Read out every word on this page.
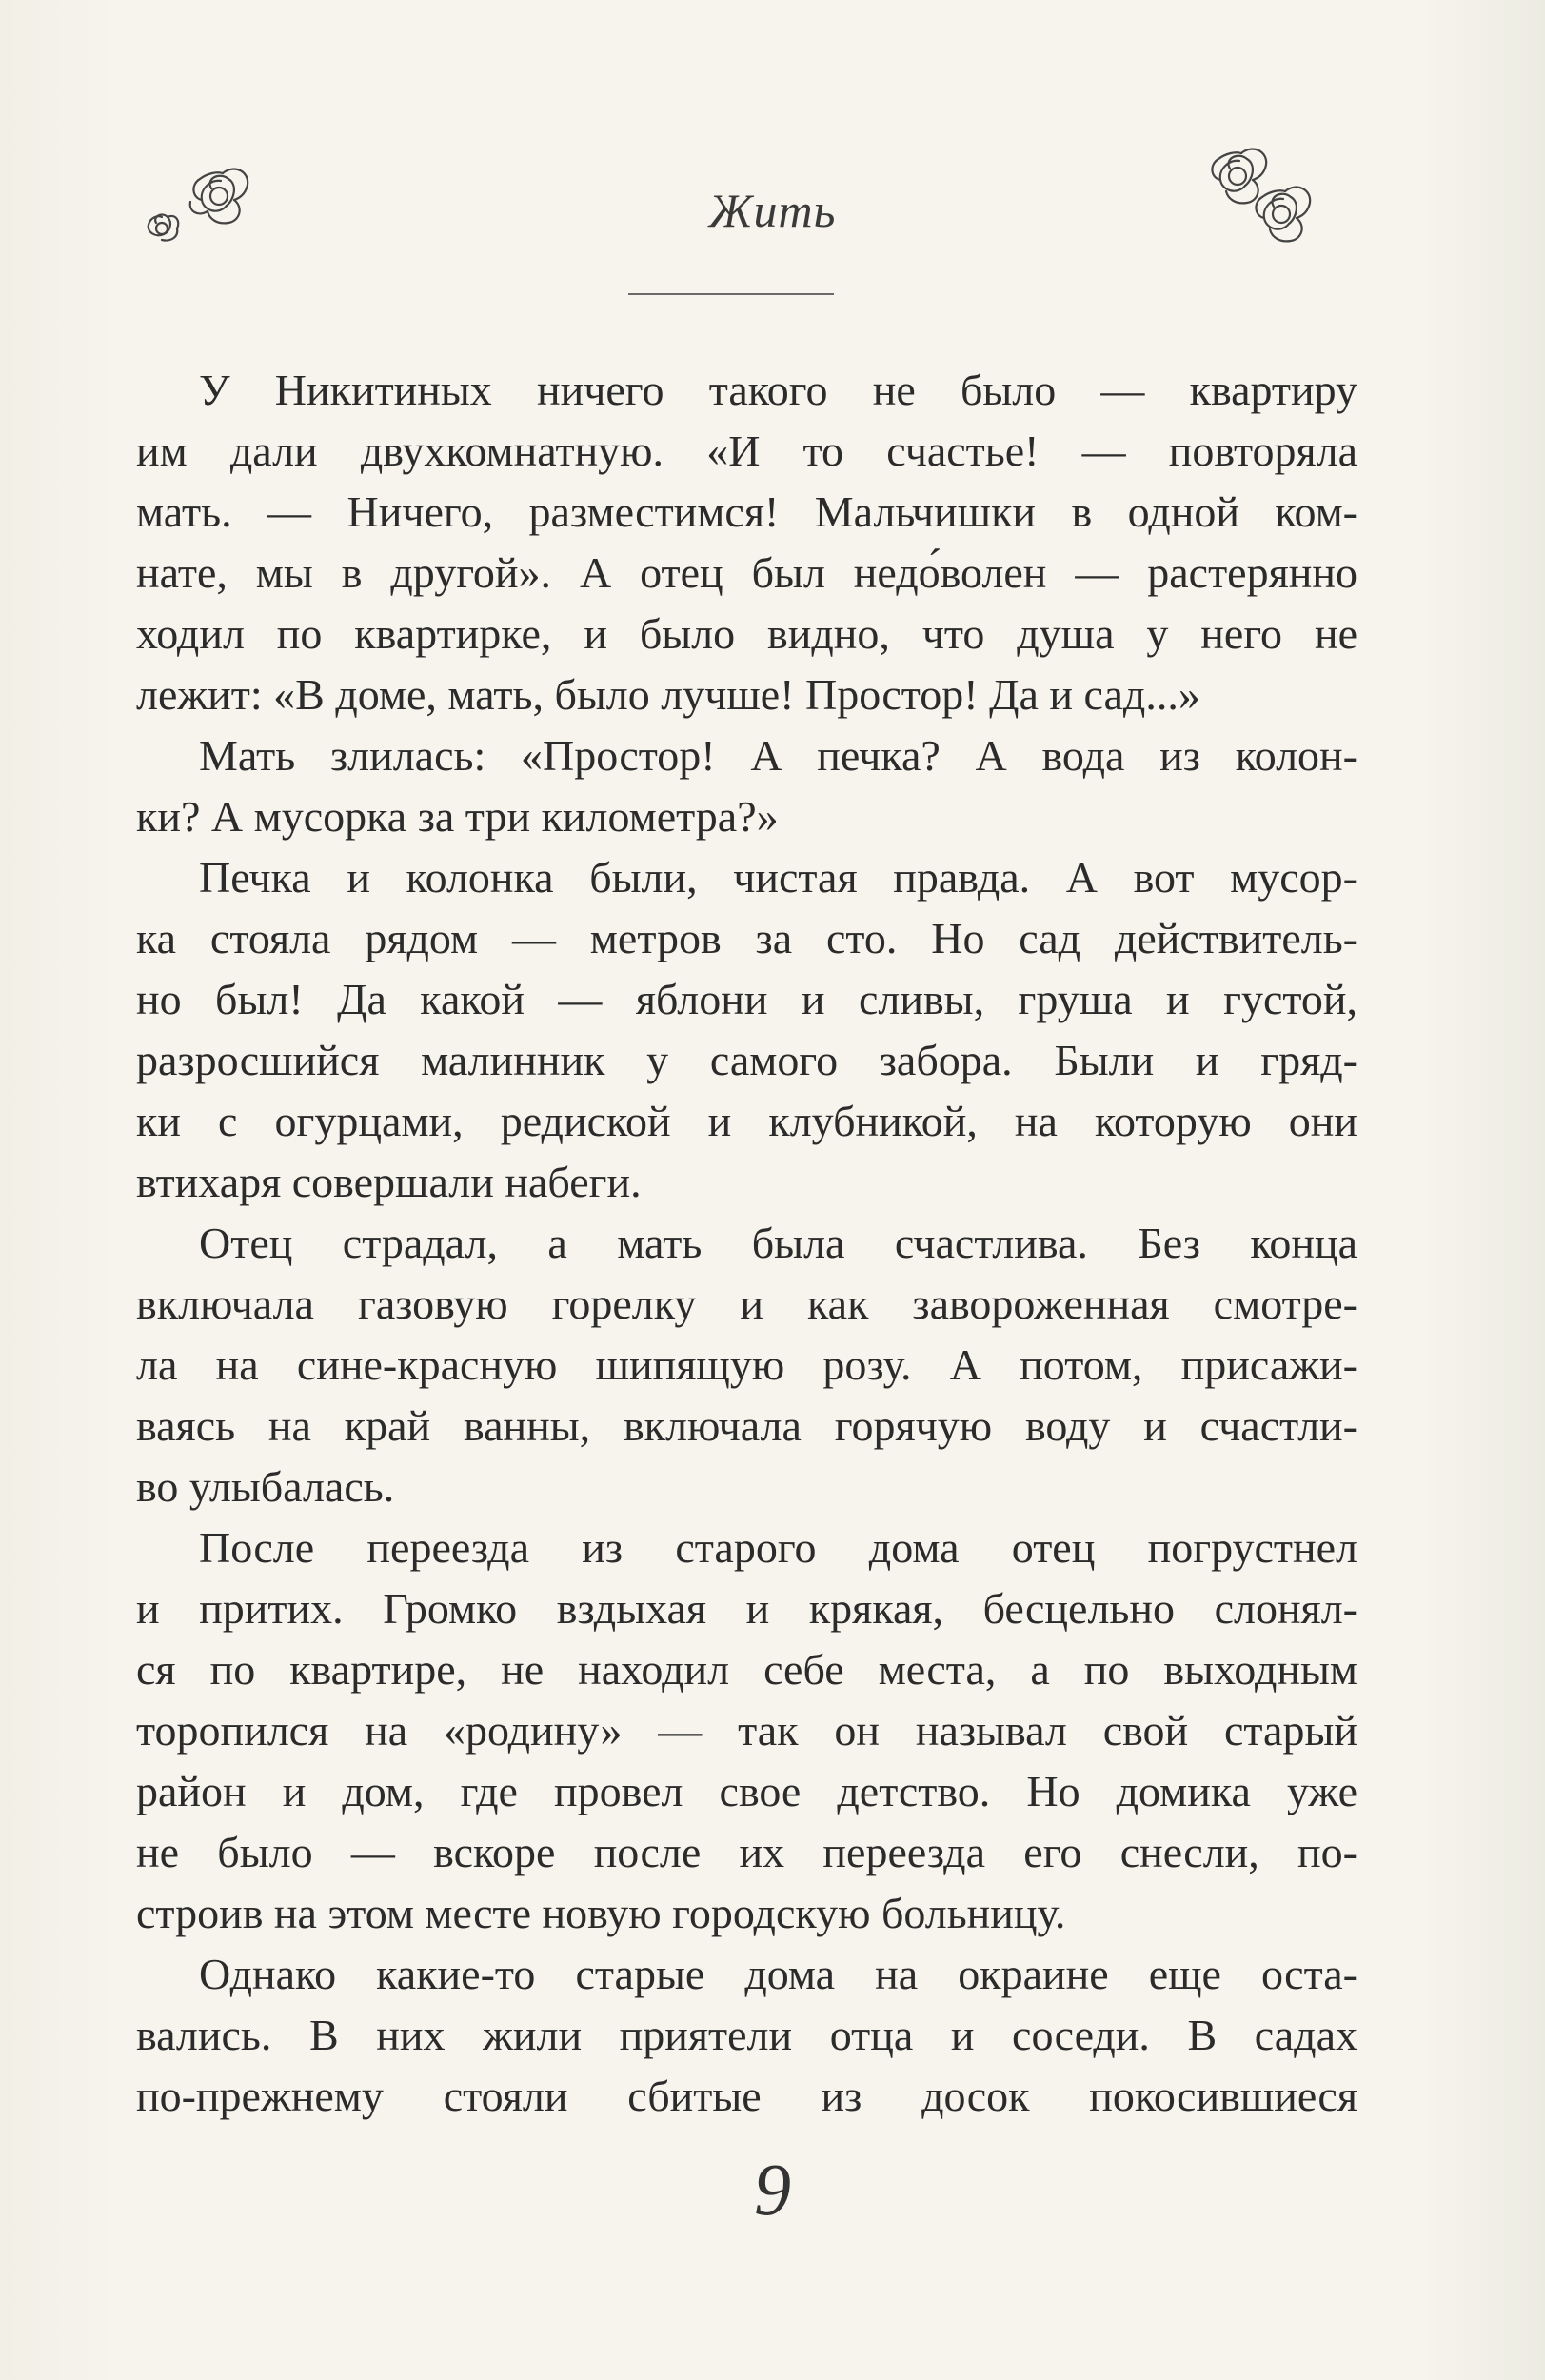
Жить
У Никитиных ничего такого не было — квартиру
им дали двухкомнатную. «И то счастье! — повторяла
мать. — Ничего, разместимся! Мальчишки в одной ком-
нате, мы в другой». А отец был недо́волен — растерянно
ходил по квартирке, и было видно, что душа у него не
лежит: «В доме, мать, было лучше! Простор! Да и сад...»
Мать злилась: «Простор! А печка? А вода из колон-
ки? А мусорка за три километра?»
Печка и колонка были, чистая правда. А вот мусор-
ка стояла рядом — метров за сто. Но сад действитель-
но был! Да какой — яблони и сливы, груша и густой,
разросшийся малинник у самого забора. Были и гряд-
ки с огурцами, редиской и клубникой, на которую они
втихаря совершали набеги.
Отец страдал, а мать была счастлива. Без конца
включала газовую горелку и как завороженная смотре-
ла на сине-красную шипящую розу. А потом, присажи-
ваясь на край ванны, включала горячую воду и счастли-
во улыбалась.
После переезда из старого дома отец погрустнел
и притих. Громко вздыхая и крякая, бесцельно слонял-
ся по квартире, не находил себе места, а по выходным
торопился на «родину» — так он называл свой старый
район и дом, где провел свое детство. Но домика уже
не было — вскоре после их переезда его снесли, по-
строив на этом месте новую городскую больницу.
Однако какие-то старые дома на окраине еще оста-
вались. В них жили приятели отца и соседи. В садах
по-прежнему стояли сбитые из досок покосившиеся
9
